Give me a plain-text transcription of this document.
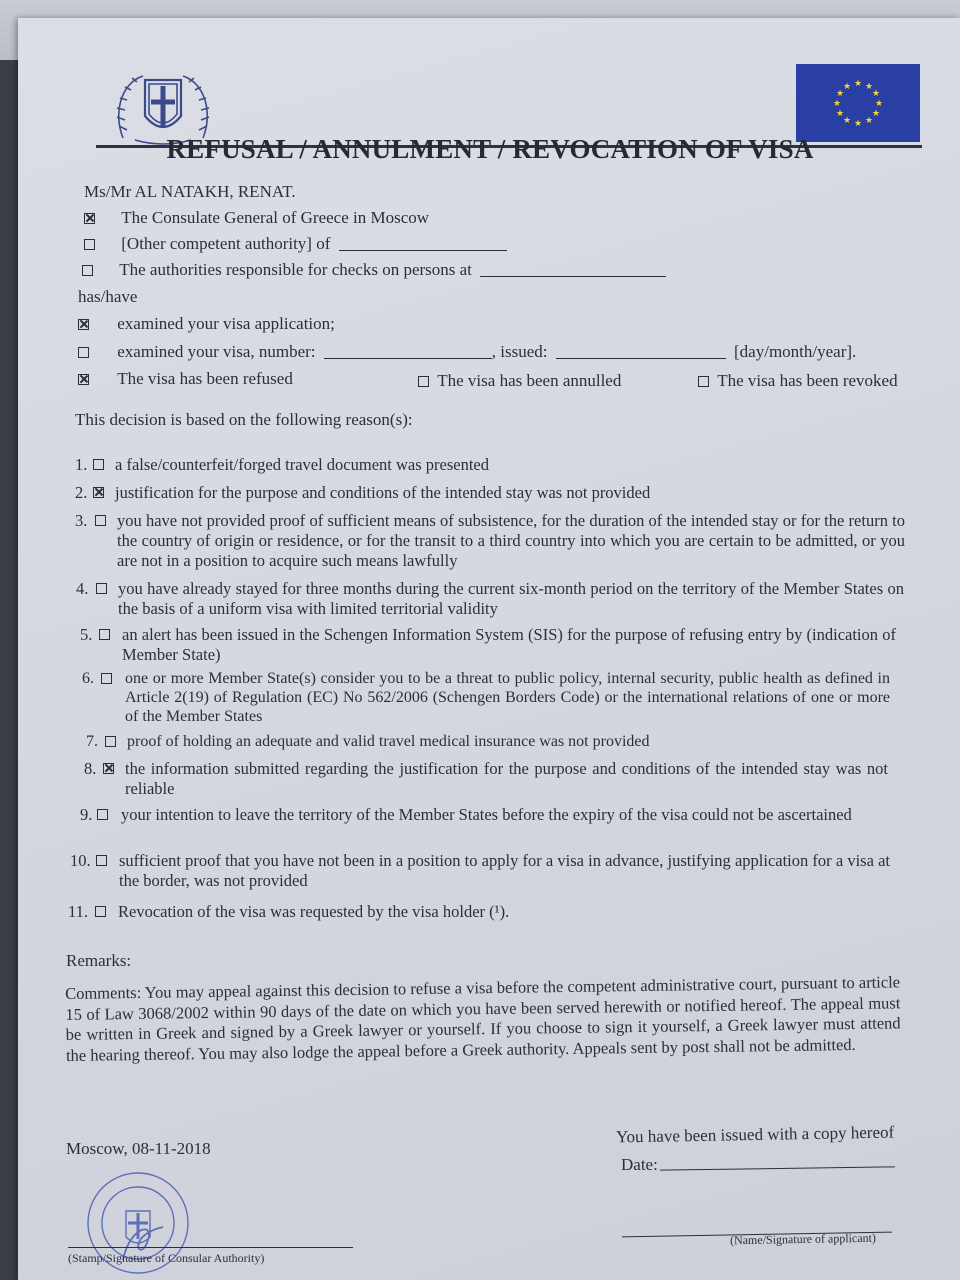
★ ★
★
★
★
★
★
★
★
★
★
★
REFUSAL / ANNULMENT / REVOCATION OF VISA
Ms/Mr AL NATAKH, RENAT.
The Consulate General of Greece in Moscow
[Other competent authority] of
The authorities responsible for checks on persons at
has/have
examined your visa application;
examined your visa, number:	, issued:	[day/month/year].
The visa has been refused	The visa has been annulled	The visa has been revoked
This decision is based on the following reason(s):
1. a false/counterfeit/forged travel document was presented
2. justification for the purpose and conditions of the intended stay was not provided
3. you have not provided proof of sufficient means of subsistence, for the duration of the intended stay or for the return to the country of origin or residence, or for the transit to a third country into which you are certain to be admitted, or you are not in a position to acquire such means lawfully
4. you have already stayed for three months during the current six-month period on the territory of the Member States on the basis of a uniform visa with limited territorial validity
5. an alert has been issued in the Schengen Information System (SIS) for the purpose of refusing entry by (indication of Member State)
6. one or more Member State(s) consider you to be a threat to public policy, internal security, public health as defined in Article 2(19) of Regulation (EC) No 562/2006 (Schengen Borders Code) or the international relations of one or more of the Member States
7. proof of holding an adequate and valid travel medical insurance was not provided
8. the information submitted regarding the justification for the purpose and conditions of the intended stay was not reliable
9. your intention to leave the territory of the Member States before the expiry of the visa could not be ascertained
10. sufficient proof that you have not been in a position to apply for a visa in advance, justifying application for a visa at the border, was not provided
11. Revocation of the visa was requested by the visa holder (¹).
Remarks:
Comments: You may appeal against this decision to refuse a visa before the competent administrative court, pursuant to article 15 of Law 3068/2002 within 90 days of the date on which you have been served herewith or notified hereof. The appeal must be written in Greek and signed by a Greek lawyer or yourself. If you choose to sign it yourself, a Greek lawyer must attend the hearing thereof. You may also lodge the appeal before a Greek authority. Appeals sent by post shall not be admitted.
Moscow, 08-11-2018
You have been issued with a copy hereof
Date:
(Stamp/Signature of Consular Authority)
(Name/Signature of applicant)
